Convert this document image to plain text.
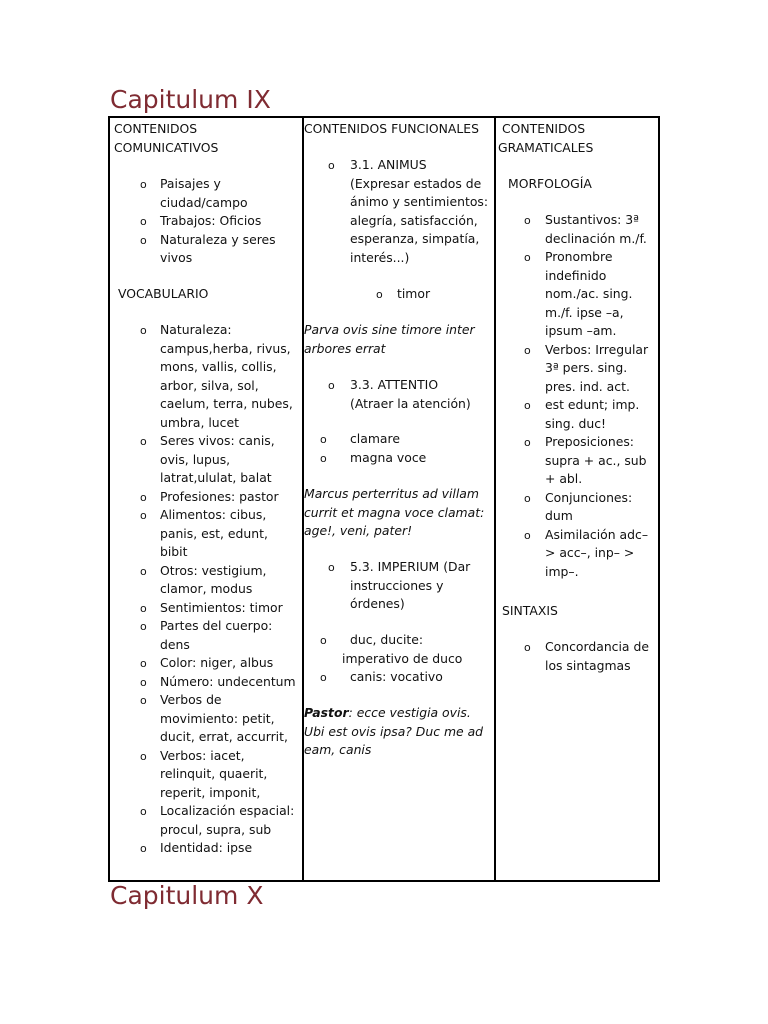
Capitulum IX
CONTENIDOS
COMUNICATIVOS
o
Paisajes y
ciudad/campo
o
Trabajos: Oficios
o
Naturaleza y seres
vivos
VOCABULARIO
o
Naturaleza:
campus,herba, rivus,
mons, vallis, collis,
arbor, silva, sol,
caelum, terra, nubes,
umbra, lucet
o
Seres vivos: canis,
ovis, lupus,
latrat,ululat, balat
o
Profesiones: pastor
o
Alimentos: cibus,
panis, est, edunt,
bibit
o
Otros: vestigium,
clamor, modus
o
Sentimientos: timor
o
Partes del cuerpo:
dens
o
Color: niger, albus
o
Número: undecentum
o
Verbos de
movimiento: petit,
ducit, errat, accurrit,
o
Verbos: iacet,
relinquit, quaerit,
reperit, imponit,
o
Localización espacial:
procul, supra, sub
o
Identidad: ipse
CONTENIDOS FUNCIONALES
o
3.1. ANIMUS
(Expresar estados de
ánimo y sentimientos:
alegría, satisfacción,
esperanza, simpatía,
interés...)
o
timor
Parva ovis sine timore inter
arbores errat
o
3.3. ATTENTIO
(Atraer la atención)
o
clamare
o
magna voce
Marcus perterritus ad villam
currit et magna voce clamat:
age!, veni, pater!
o
5.3. IMPERIUM (Dar
instrucciones y
órdenes)
o
duc, ducite:
imperativo de duco
o
canis: vocativo
Pastor: ecce vestigia ovis.
Ubi est ovis ipsa? Duc me ad
eam, canis
CONTENIDOS
GRAMATICALES
MORFOLOGÍA
o
Sustantivos: 3ª
declinación m./f.
o
Pronombre
indefinido
nom./ac. sing.
m./f. ipse –a,
ipsum –am.
o
Verbos: Irregular
3ª pers. sing.
pres. ind. act.
o
est edunt; imp.
sing. duc!
o
Preposiciones:
supra + ac., sub
+ abl.
o
Conjunciones:
dum
o
Asimilación adc–
> acc–, inp– >
imp–.
SINTAXIS
o
Concordancia de
los sintagmas
Capitulum X
